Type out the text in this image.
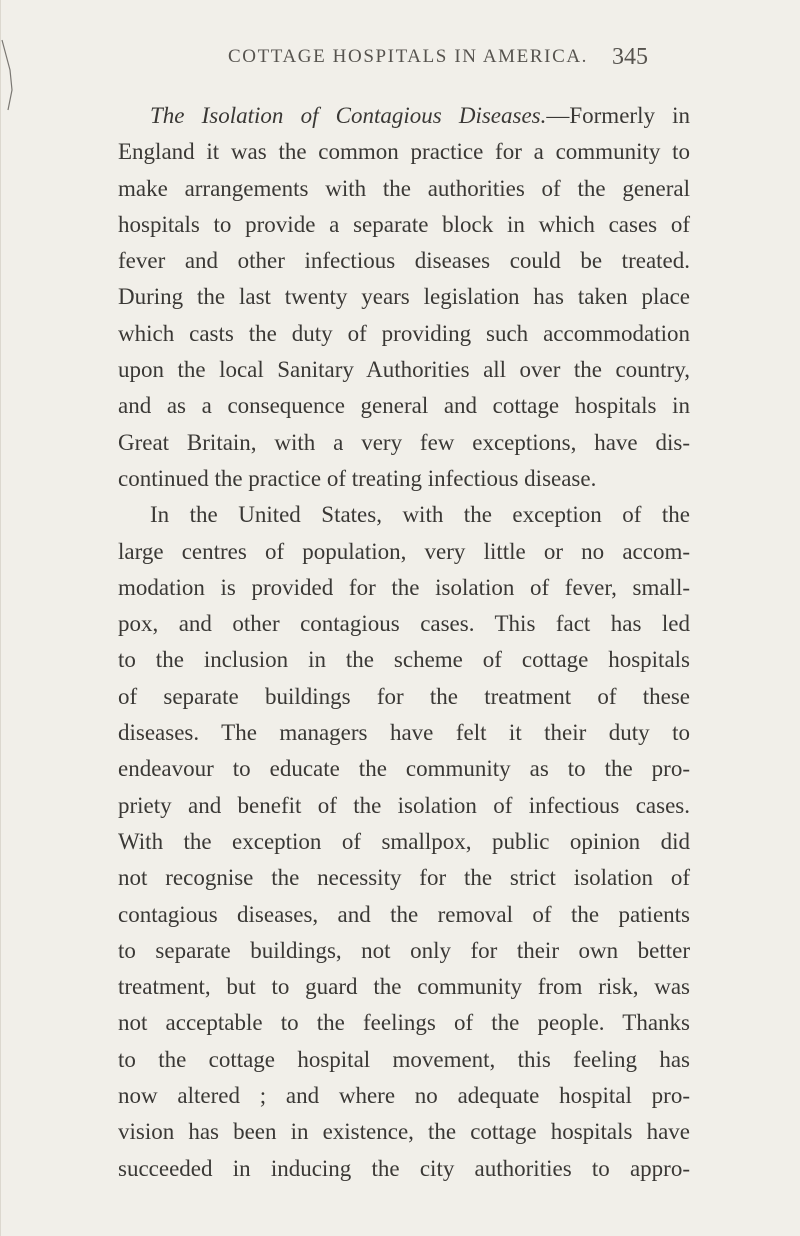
COTTAGE HOSPITALS IN AMERICA. 345
The Isolation of Contagious Diseases.—Formerly in
England it was the common practice for a community to
make arrangements with the authorities of the general
hospitals to provide a separate block in which cases of
fever and other infectious diseases could be treated.
During the last twenty years legislation has taken place
which casts the duty of providing such accommodation
upon the local Sanitary Authorities all over the country,
and as a consequence general and cottage hospitals in
Great Britain, with a very few exceptions, have dis-
continued the practice of treating infectious disease.
In the United States, with the exception of the
large centres of population, very little or no accom-
modation is provided for the isolation of fever, small-
pox, and other contagious cases. This fact has led
to the inclusion in the scheme of cottage hospitals
of separate buildings for the treatment of these
diseases. The managers have felt it their duty to
endeavour to educate the community as to the pro-
priety and benefit of the isolation of infectious cases.
With the exception of smallpox, public opinion did
not recognise the necessity for the strict isolation of
contagious diseases, and the removal of the patients
to separate buildings, not only for their own better
treatment, but to guard the community from risk, was
not acceptable to the feelings of the people. Thanks
to the cottage hospital movement, this feeling has
now altered ; and where no adequate hospital pro-
vision has been in existence, the cottage hospitals have
succeeded in inducing the city authorities to appro-
